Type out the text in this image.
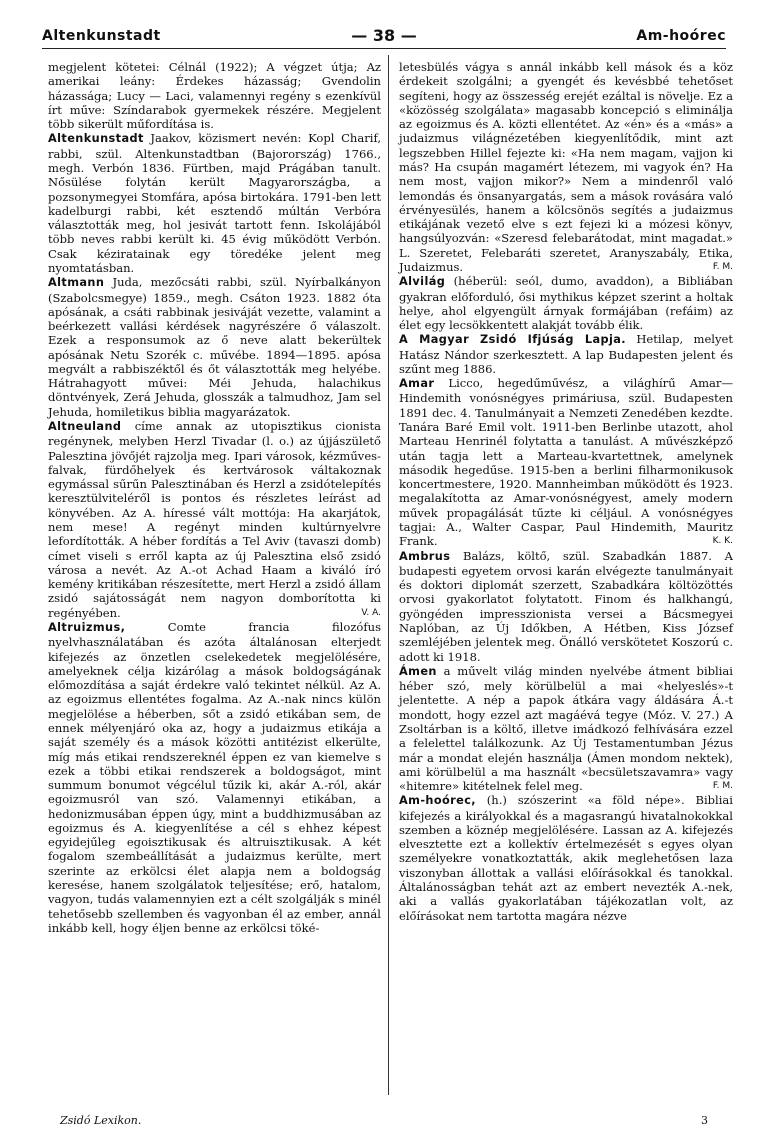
Altenkunstadt	— 38 —	Am-hoórec

megjelent kötetei: Célnál (1922); A végzet útja; Az amerikai leány: Érdekes házasság; Gvendolin házassága; Lucy — Laci, valamennyi regény s ezenkívül írt műve: Színdarabok gyermekek részére. Megjelent több sikerült műfordítása is.

Altenkunstadt Jaakov, közismert nevén: Kopl Charif, rabbi, szül. Altenkunstadtban (Bajorország) 1766., megh. Verbón 1836. Fürtben, majd Prágában tanult. Nősülése folytán került Magyarországba, a pozsonymegyei Stomfára, apósa birtokára. 1791-ben lett kadelburgi rabbi, két esztendő múltán Verbóra választották meg, hol jesivát tartott fenn. Iskolájából több neves rabbi került ki. 45 évig működött Verbón. Csak kéziratainak egy töredéke jelent meg nyomtatásban.

Altmann Juda, mezőcsáti rabbi, szül. Nyírbalkányon (Szabolcsmegye) 1859., megh. Csáton 1923. 1882 óta apósának, a csáti rabbinak jesiváját vezette, valamint a beérkezett vallási kérdések nagyrészére ő válaszolt. Ezek a responsumok az ő neve alatt bekerültek apósának Netu Szorék c. művébe. 1894—1895. apósa megvált a rabbiszéktől és őt választották meg helyébe. Hátrahagyott művei: Méi Jehuda, halachikus döntvények, Zerá Jehuda, glosszák a talmudhoz, Jam sel Jehuda, homiletikus biblia magyarázatok.

Altneuland címe annak az utopisztikus cionista regénynek, melyben Herzl Tivadar (l. o.) az újjászülető Palesztina jövőjét rajzolja meg. Ipari városok, kézműves-falvak, fürdőhelyek és kertvárosok váltakoznak egymással sűrűn Palesztinában és Herzl a zsidótelepítés keresztülviteléről is pontos és részletes leírást ad könyvében. Az A. híressé vált mottója: Ha akarjátok, nem mese! A regényt minden kultúrnyelvre lefordították. A héber fordítás a Tel Aviv (tavaszi domb) címet viseli s erről kapta az új Palesztina első zsidó városa a nevét. Az A.-ot Achad Haam a kiváló író kemény kritikában részesítette, mert Herzl a zsidó állam zsidó sajátosságát nem nagyon domborította ki regényében.	V. A.

Altruizmus, Comte francia filozófus nyelvhasználatában és azóta általánosan elterjedt kifejezés az önzetlen cselekedetek megjelölésére, amelyeknek célja kizárólag a mások boldogságának előmozdítása a saját érdekre való tekintet nélkül. Az A. az egoizmus ellentétes fogalma. Az A.-nak nincs külön megjelölése a héberben, sőt a zsidó etikában sem, de ennek mélyenjáró oka az, hogy a judaizmus etikája a saját személy és a mások közötti antitézist elkerülte, míg más etikai rendszereknél éppen ez van kiemelve s ezek a többi etikai rendszerek a boldogságot, mint summum bonumot végcélul tűzik ki, akár A.-ról, akár egoizmusról van szó. Valamennyi etikában, a hedonizmusában éppen úgy, mint a buddhizmusában az egoizmus és A. kiegyenlítése a cél s ehhez képest egyidejűleg egoisztikusak és altruisztikusak. A két fogalom szembeállítását a judaizmus kerülte, mert szerinte az erkölcsi élet alapja nem a boldogság keresése, hanem szolgálatok teljesítése; erő, hatalom, vagyon, tudás valamennyien ezt a célt szolgálják s minél tehetősebb szellemben és vagyonban él az ember, annál inkább kell, hogy éljen benne az erkölcsi töké-

letesbülés vágya s annál inkább kell mások és a köz érdekeit szolgálni; a gyengét és kevésbbé tehetőset segíteni, hogy az összesség erejét ezáltal is növelje. Ez a «közösség szolgálata» magasabb koncepció s eliminálja az egoizmus és A. közti ellentétet. Az «én» és a «más» a judaizmus világnézetében kiegyenlítődik, mint azt legszebben Hillel fejezte ki: «Ha nem magam, vajjon ki más? Ha csupán magamért létezem, mi vagyok én? Ha nem most, vajjon mikor?» Nem a mindenről való lemondás és önsanyargatás, sem a mások rovására való érvényesülés, hanem a kölcsönös segítés a judaizmus etikájának vezető elve s ezt fejezi ki a mózesi könyv, hangsúlyozván: «Szeresd felebarátodat, mint magadat.» L. Szeretet, Felebaráti szeretet, Aranyszabály, Etika, Judaizmus.	F. M.

Alvilág (héberül: seól, dumo, avaddon), a Bibliában gyakran előforduló, ősi mythikus képzet szerint a holtak helye, ahol elgyengült árnyak formájában (refáim) az élet egy lecsökkentett alakját tovább élik.

A Magyar Zsidó Ifjúság Lapja. Hetilap, melyet Hatász Nándor szerkesztett. A lap Budapesten jelent és szűnt meg 1886.

Amar Licco, hegedűművész, a világhírű Amar—Hindemith vonósnégyes primáriusa, szül. Budapesten 1891 dec. 4. Tanulmányait a Nemzeti Zenedében kezdte. Tanára Baré Emil volt. 1911-ben Berlinbe utazott, ahol Marteau Henrinél folytatta a tanulást. A művészképző után tagja lett a Marteau-kvartettnek, amelynek második hegedűse. 1915-ben a berlini filharmonikusok koncertmestere, 1920. Mannheimban működött és 1923. megalakította az Amar-vonósnégyest, amely modern művek propagálását tűzte ki céljául. A vonósnégyes tagjai: A., Walter Caspar, Paul Hindemith, Mauritz Frank.	K. K.

Ambrus Balázs, költő, szül. Szabadkán 1887. A budapesti egyetem orvosi karán elvégezte tanulmányait és doktori diplomát szerzett, Szabadkára költözöttés orvosi gyakorlatot folytatott. Finom és halkhangú, gyöngéden impresszionista versei a Bácsmegyei Naplóban, az Új Időkben, A Hétben, Kiss József szemléjében jelentek meg. Önálló verskötetet Koszorú c. adott ki 1918.

Ámen a művelt világ minden nyelvébe átment bibliai héber szó, mely körülbelül a mai «helyeslés»-t jelentette. A nép a papok átkára vagy áldására Á.-t mondott, hogy ezzel azt magáévá tegye (Móz. V. 27.) A Zsoltárban is a költő, illetve imádkozó felhívására ezzel a felelettel találkozunk. Az Új Testamentumban Jézus már a mondat elején használja (Ámen mondom nektek), ami körülbelül a ma használt «becsületszavamra» vagy «hitemre» kitételnek felel meg.	F. M.

Am-hoórec, (h.) szószerint «a föld népe». Bibliai kifejezés a királyokkal és a magasrangú hivatalnokokkal szemben a köznép megjelölésére. Lassan az A. kifejezés elvesztette ezt a kollektív értelmezését s egyes olyan személyekre vonatkoztatták, akik meglehetősen laza viszonyban állottak a vallási előírásokkal és tanokkal. Általánosságban tehát azt az embert nevezték A.-nek, aki a vallás gyakorlatában tájékozatlan volt, az előírásokat nem tartotta magára nézve

Zsidó Lexikon.	3
